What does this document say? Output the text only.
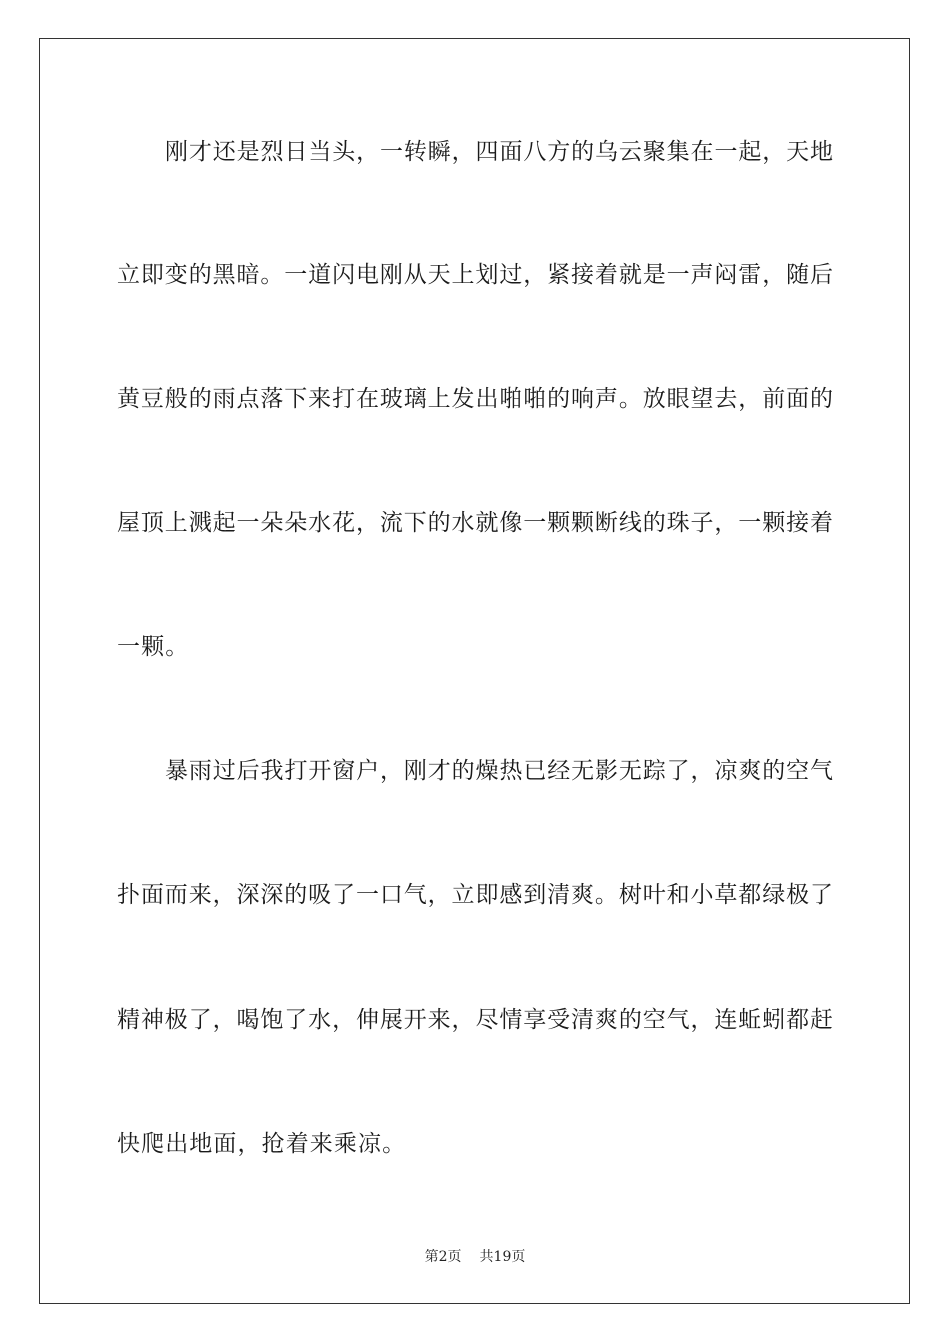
刚才还是烈日当头，一转瞬，四面八方的乌云聚集在一起，天地
立即变的黑暗。一道闪电刚从天上划过，紧接着就是一声闷雷，随后
黄豆般的雨点落下来打在玻璃上发出啪啪的响声。放眼望去，前面的
屋顶上溅起一朵朵水花，流下的水就像一颗颗断线的珠子，一颗接着
一颗。
暴雨过后我打开窗户，刚才的燥热已经无影无踪了，凉爽的空气
扑面而来，深深的吸了一口气，立即感到清爽。树叶和小草都绿极了
精神极了，喝饱了水，伸展开来，尽情享受清爽的空气，连蚯蚓都赶
快爬出地面，抢着来乘凉。
第2页 共19页
